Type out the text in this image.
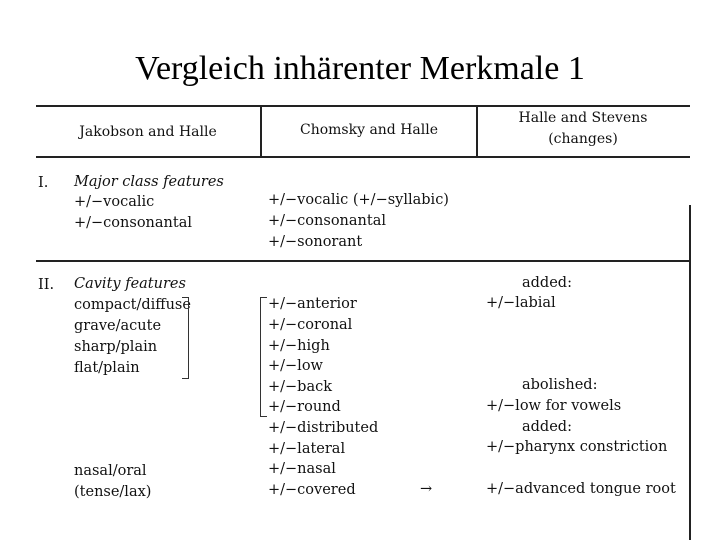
Vergleich inhärenter Merkmale 1
Jakobson and Halle	Chomsky and Halle
Halle and Stevens
(changes)
I. Major class features
+/−vocalic
+/−consonantal
+/−vocalic (+/−syllabic)
+/−consonantal
+/−sonorant
II. Cavity features
compact/diffuse
grave/acute
sharp/plain
flat/plain
nasal/oral
(tense/lax)
+/−anterior
+/−coronal
+/−high
+/−low
+/−back
+/−round
+/−distributed
+/−lateral
+/−nasal
+/−covered
added:
+/−labial
abolished:
+/−low for vowels
added:
+/−pharynx constriction
→	+/−advanced tongue root
